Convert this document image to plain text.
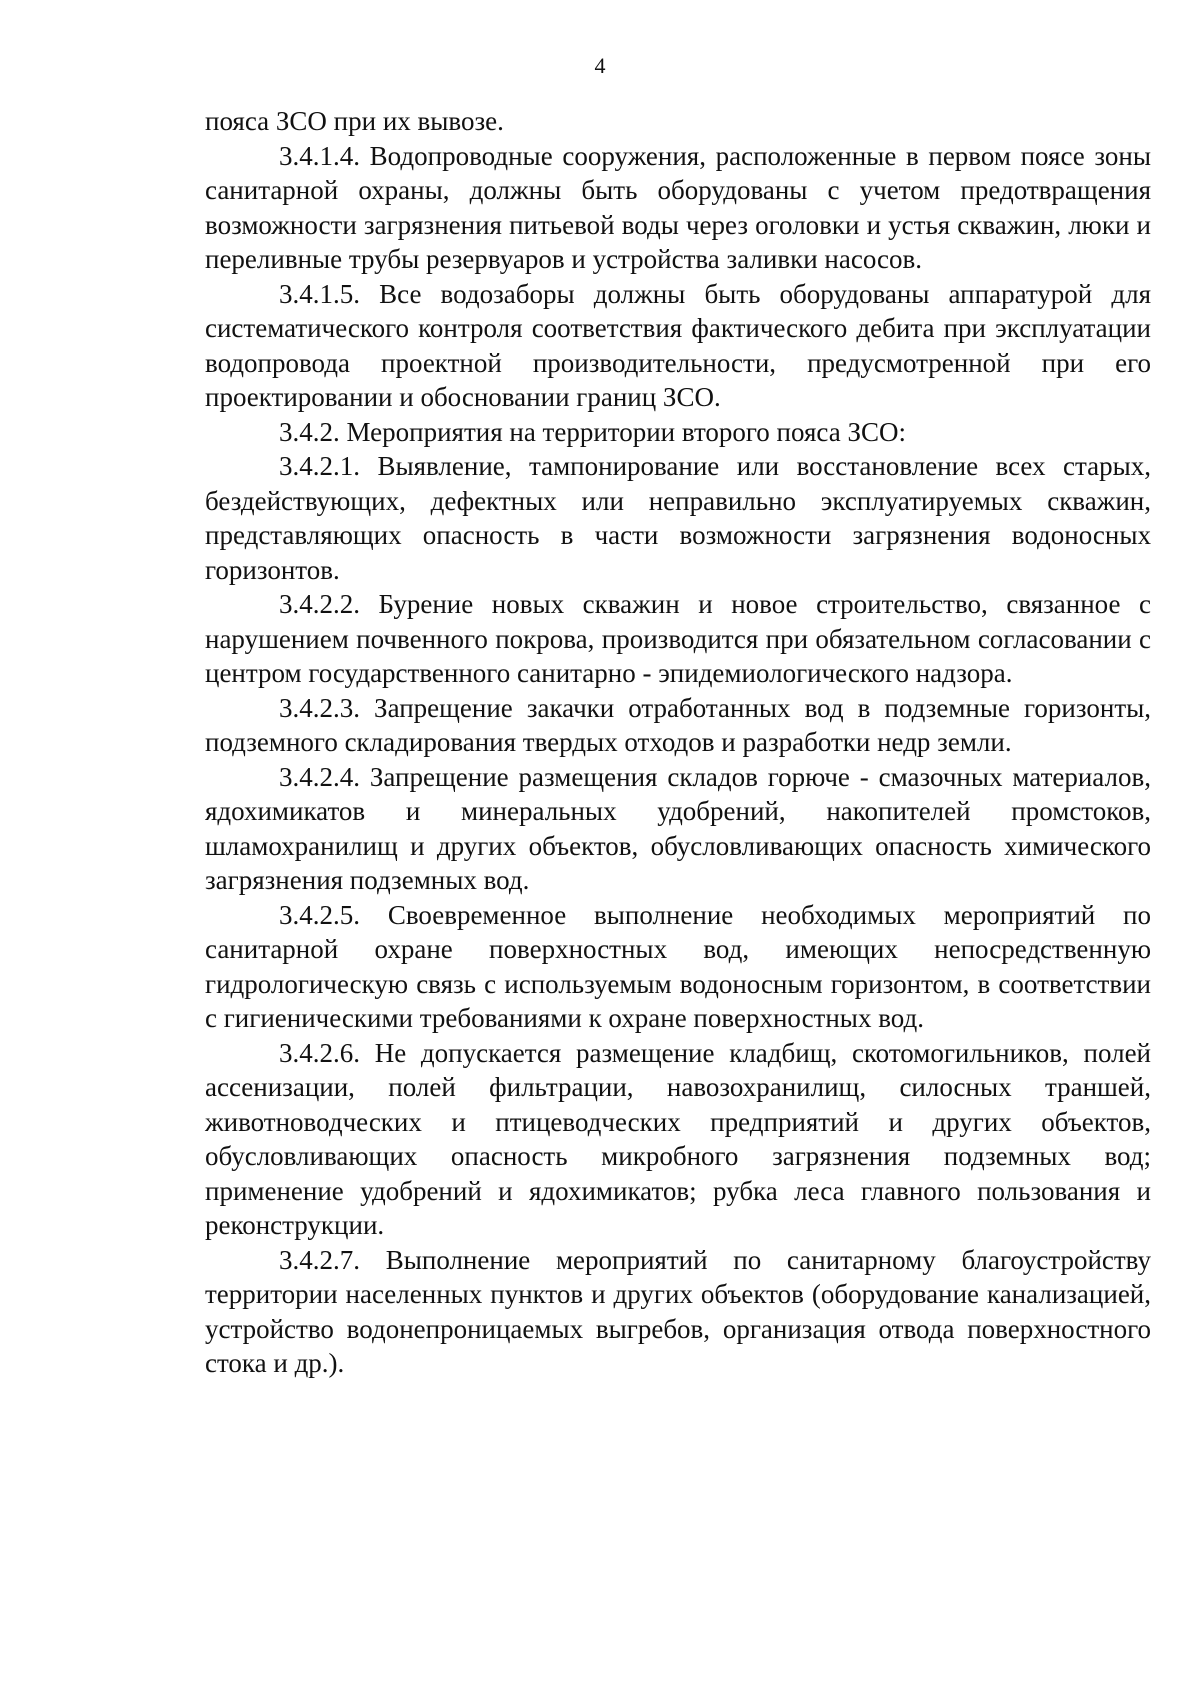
4

пояса ЗСО при их вывозе.

3.4.1.4. Водопроводные сооружения, расположенные в первом поясе зоны санитарной охраны, должны быть оборудованы с учетом предотвращения возможности загрязнения питьевой воды через оголовки и устья скважин, люки и переливные трубы резервуаров и устройства заливки насосов.

3.4.1.5. Все водозаборы должны быть оборудованы аппаратурой для систематического контроля соответствия фактического дебита при эксплуатации водопровода проектной производительности, предусмотренной при его проектировании и обосновании границ ЗСО.

3.4.2. Мероприятия на территории второго пояса ЗСО:

3.4.2.1. Выявление, тампонирование или восстановление всех старых, бездействующих, дефектных или неправильно эксплуатируемых скважин, представляющих опасность в части возможности загрязнения водоносных горизонтов.

3.4.2.2. Бурение новых скважин и новое строительство, связанное с нарушением почвенного покрова, производится при обязательном согласовании с центром государственного санитарно - эпидемиологического надзора.

3.4.2.3. Запрещение закачки отработанных вод в подземные горизонты, подземного складирования твердых отходов и разработки недр земли.

3.4.2.4. Запрещение размещения складов горюче - смазочных материалов, ядохимикатов и минеральных удобрений, накопителей промстоков, шламохранилищ и других объектов, обусловливающих опасность химического загрязнения подземных вод.

3.4.2.5. Своевременное выполнение необходимых мероприятий по санитарной охране поверхностных вод, имеющих непосредственную гидрологическую связь с используемым водоносным горизонтом, в соответствии с гигиеническими требованиями к охране поверхностных вод.

3.4.2.6. Не допускается размещение кладбищ, скотомогильников, полей ассенизации, полей фильтрации, навозохранилищ, силосных траншей, животноводческих и птицеводческих предприятий и других объектов, обусловливающих опасность микробного загрязнения подземных вод; применение удобрений и ядохимикатов; рубка леса главного пользования и реконструкции.

3.4.2.7. Выполнение мероприятий по санитарному благоустройству территории населенных пунктов и других объектов (оборудование канализацией, устройство водонепроницаемых выгребов, организация отвода поверхностного стока и др.).
